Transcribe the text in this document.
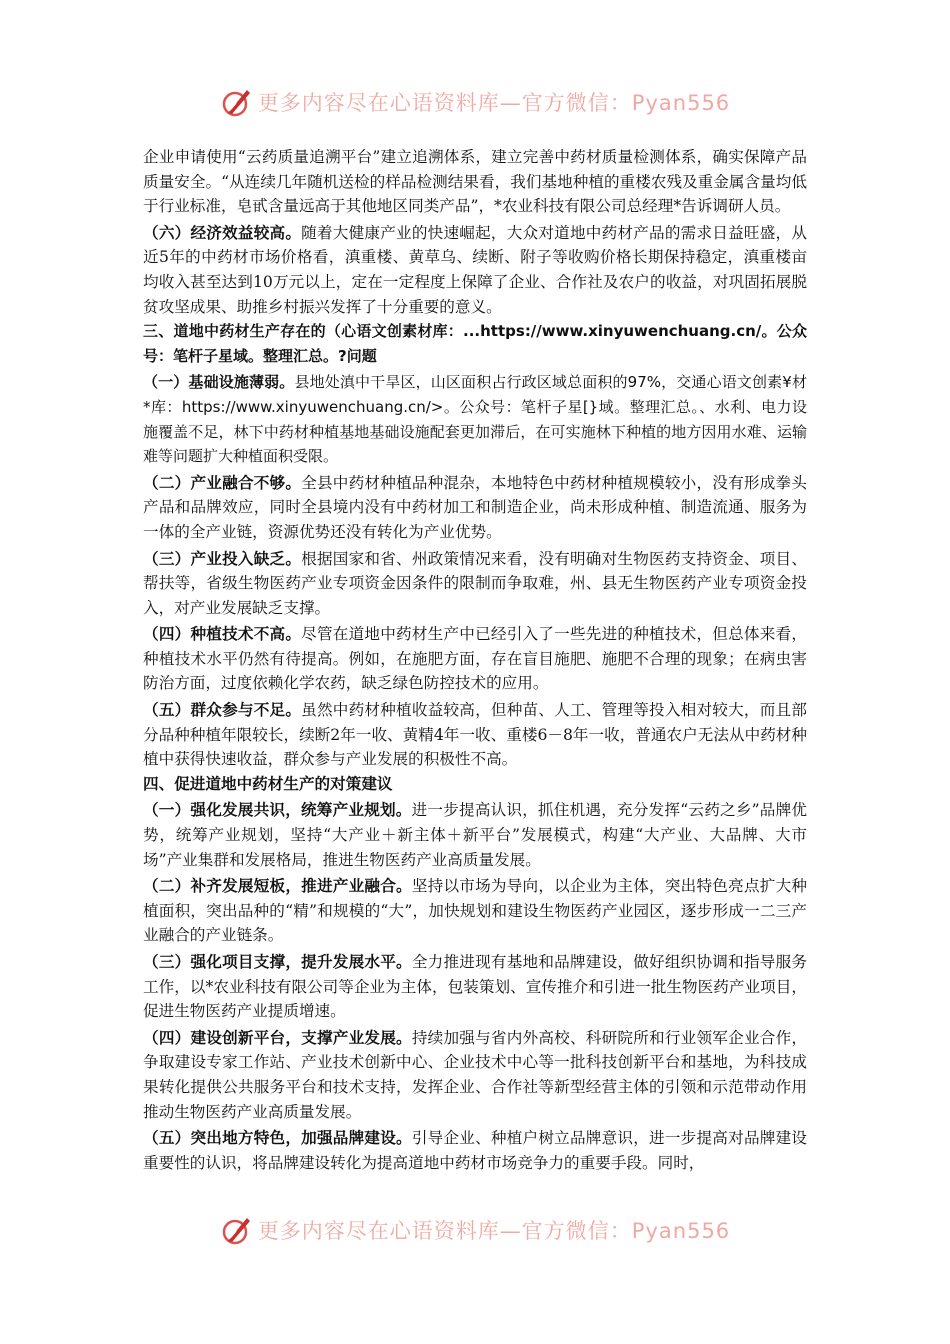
更多内容尽在心语资料库—官方微信：Pyan556

企业申请使用“云药质量追溯平台”建立追溯体系，建立完善中药材质量检测体系，确实保障产品质量安全。“从连续几年随机送检的样品检测结果看，我们基地种植的重楼农残及重金属含量均低于行业标准，皂甙含量远高于其他地区同类产品”，*农业科技有限公司总经理*告诉调研人员。

（六）经济效益较高。随着大健康产业的快速崛起，大众对道地中药材产品的需求日益旺盛，从近5年的中药材市场价格看，滇重楼、黄草乌、续断、附子等收购价格长期保持稳定，滇重楼亩均收入甚至达到10万元以上，定在一定程度上保障了企业、合作社及农户的收益，对巩固拓展脱贫攻坚成果、助推乡村振兴发挥了十分重要的意义。

三、道地中药材生产存在的（心语文创素材库：...https://www.xinyuwenchuang.cn/。公众号：笔杆子星域。整理汇总。?问题

（一）基础设施薄弱。县地处滇中干旱区，山区面积占行政区域总面积的97%，交通心语文创素¥材*库：https://www.xinyuwenchuang.cn/>。公众号：笔杆子星[}域。整理汇总。、水利、电力设施覆盖不足，林下中药材种植基地基础设施配套更加滞后，在可实施林下种植的地方因用水难、运输难等问题扩大种植面积受限。

（二）产业融合不够。全县中药材种植品种混杂，本地特色中药材种植规模较小，没有形成拳头产品和品牌效应，同时全县境内没有中药材加工和制造企业，尚未形成种植、制造流通、服务为一体的全产业链，资源优势还没有转化为产业优势。

（三）产业投入缺乏。根据国家和省、州政策情况来看，没有明确对生物医药支持资金、项目、帮扶等，省级生物医药产业专项资金因条件的限制而争取难，州、县无生物医药产业专项资金投入，对产业发展缺乏支撑。

（四）种植技术不高。尽管在道地中药材生产中已经引入了一些先进的种植技术，但总体来看，种植技术水平仍然有待提高。例如，在施肥方面，存在盲目施肥、施肥不合理的现象；在病虫害防治方面，过度依赖化学农药，缺乏绿色防控技术的应用。

（五）群众参与不足。虽然中药材种植收益较高，但种苗、人工、管理等投入相对较大，而且部分品种种植年限较长，续断2年一收、黄精4年一收、重楼6－8年一收，普通农户无法从中药材种植中获得快速收益，群众参与产业发展的积极性不高。

四、促进道地中药材生产的对策建议

（一）强化发展共识，统筹产业规划。进一步提高认识，抓住机遇，充分发挥“云药之乡”品牌优势，统筹产业规划，坚持“大产业＋新主体＋新平台”发展模式，构建“大产业、大品牌、大市场”产业集群和发展格局，推进生物医药产业高质量发展。

（二）补齐发展短板，推进产业融合。坚持以市场为导向，以企业为主体，突出特色亮点扩大种植面积，突出品种的“精”和规模的“大”，加快规划和建设生物医药产业园区，逐步形成一二三产业融合的产业链条。

（三）强化项目支撑，提升发展水平。全力推进现有基地和品牌建设，做好组织协调和指导服务工作，以*农业科技有限公司等企业为主体，包装策划、宣传推介和引进一批生物医药产业项目，促进生物医药产业提质增速。

（四）建设创新平台，支撑产业发展。持续加强与省内外高校、科研院所和行业领军企业合作，争取建设专家工作站、产业技术创新中心、企业技术中心等一批科技创新平台和基地，为科技成果转化提供公共服务平台和技术支持，发挥企业、合作社等新型经营主体的引领和示范带动作用推动生物医药产业高质量发展。

（五）突出地方特色，加强品牌建设。引导企业、种植户树立品牌意识，进一步提高对品牌建设重要性的认识，将品牌建设转化为提高道地中药材市场竞争力的重要手段。同时，

更多内容尽在心语资料库—官方微信：Pyan556
